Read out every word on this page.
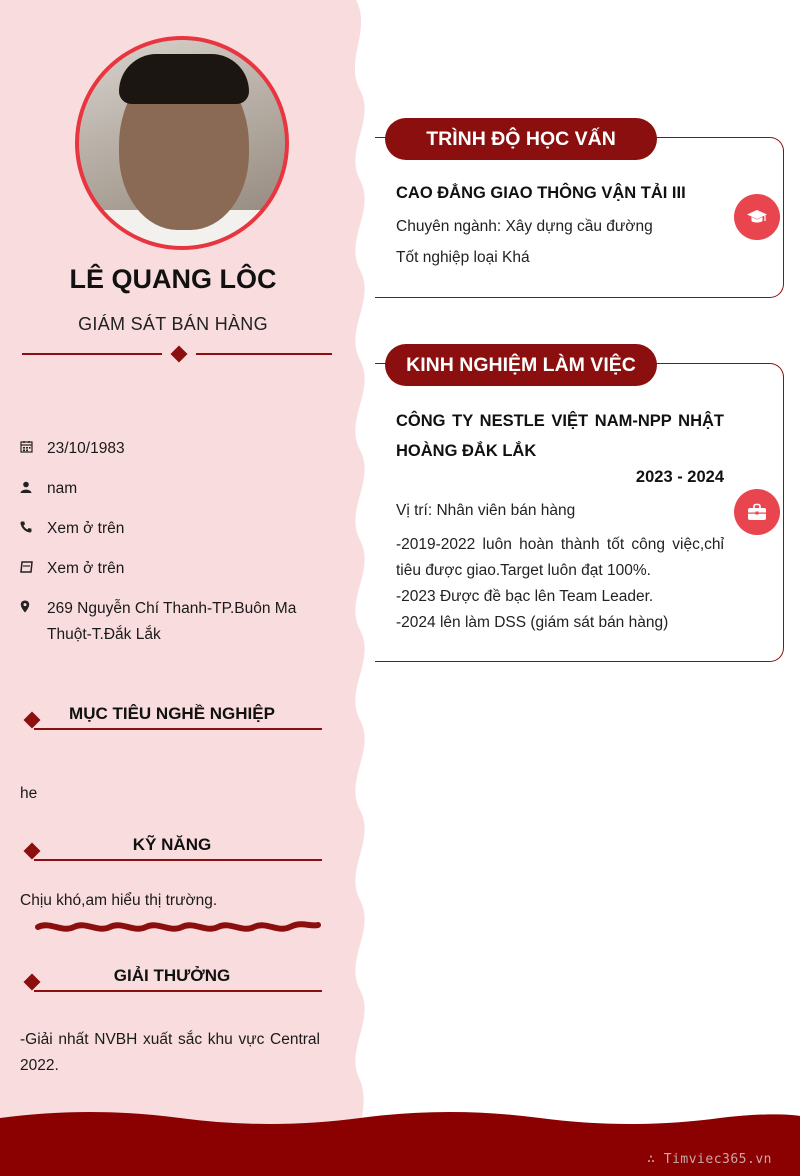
LÊ QUANG LÔC
GIÁM SÁT BÁN HÀNG
23/10/1983
nam
Xem ở trên
Xem ở trên
269 Nguyễn Chí Thanh-TP.Buôn Ma Thuột-T.Đắk Lắk
MỤC TIÊU NGHỀ NGHIỆP
he
KỸ NĂNG
Chịu khó,am hiểu thị trường.
GIẢI THƯỞNG
-Giải nhất NVBH xuất sắc khu vực Central 2022.
TRÌNH ĐỘ HỌC VẤN
CAO ĐẲNG GIAO THÔNG VẬN TẢI III
Chuyên ngành: Xây dựng cầu đường
Tốt nghiệp loại Khá
KINH NGHIỆM LÀM VIỆC
CÔNG TY NESTLE VIỆT NAM-NPP NHẬT
HOÀNG ĐẮK LẮK
2023 - 2024
Vị trí: Nhân viên bán hàng
-2019-2022 luôn hoàn thành tốt công việc,chỉ tiêu được giao.Target luôn đạt 100%.
-2023 Được đề bạc lên Team Leader.
-2024 lên làm DSS (giám sát bán hàng)
∴ Timviec365.vn
